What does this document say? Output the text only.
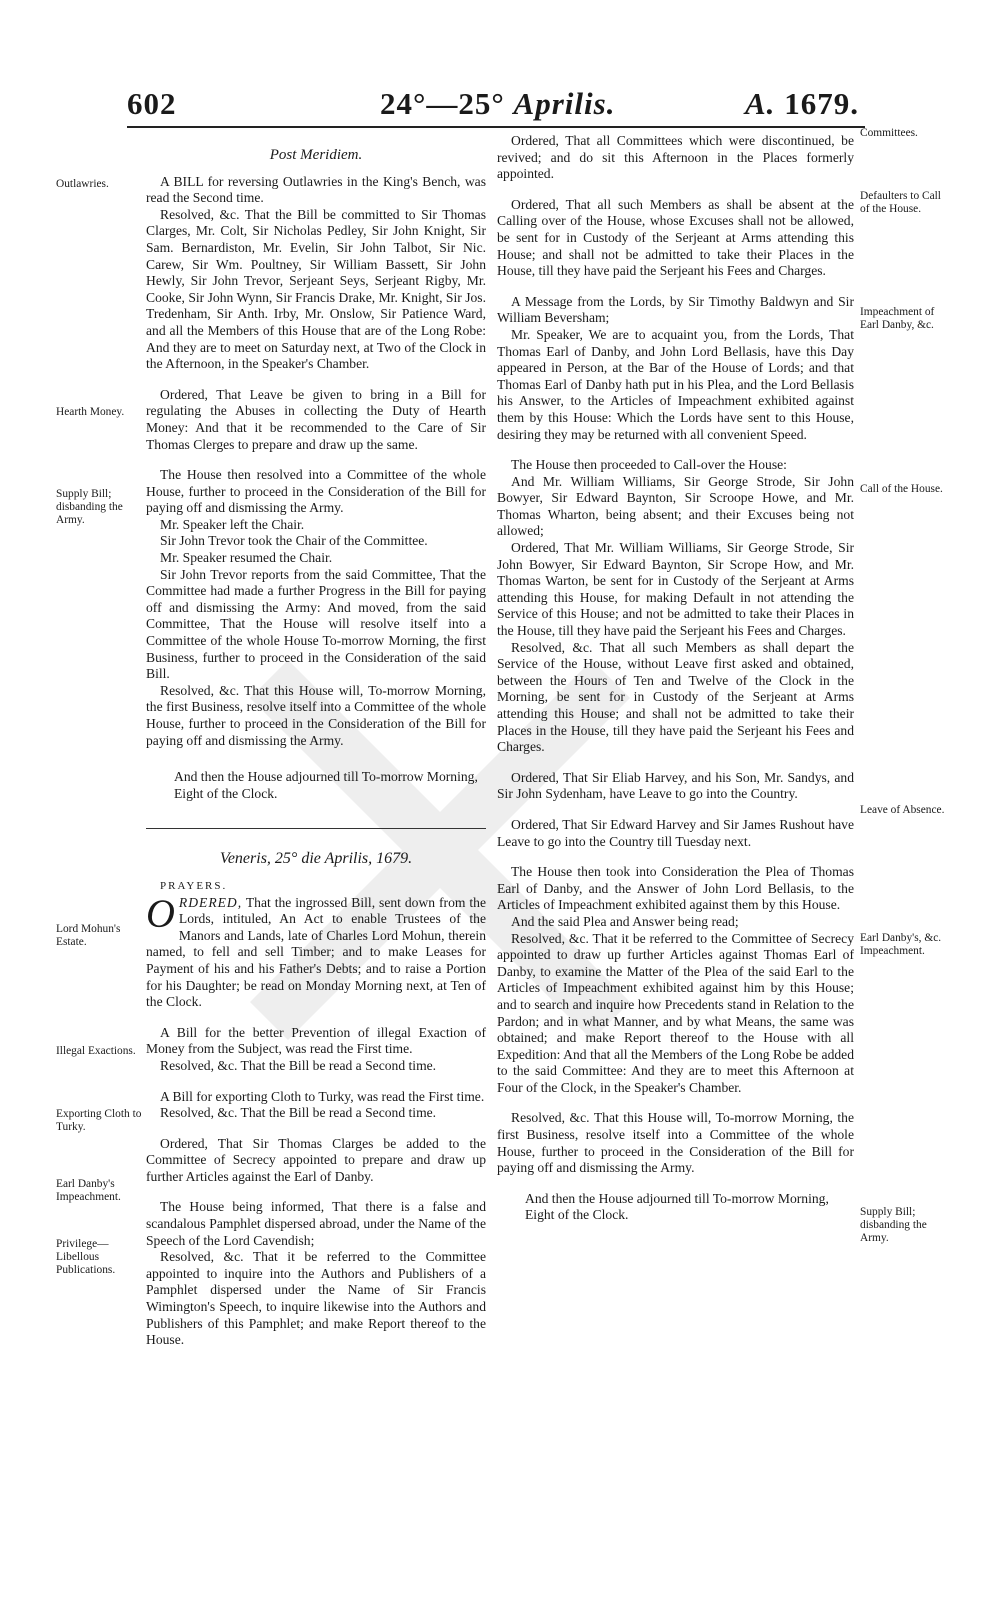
602	24°—25° Aprilis.	A. 1679.
Post Meridiem.

A BILL for reversing Outlawries in the King's Bench, was read the Second time.

Resolved, &c. That the Bill be committed to Sir Thomas Clarges, Mr. Colt, Sir Nicholas Pedley, Sir John Knight, Sir Sam. Bernardiston, Mr. Evelin, Sir John Talbot, Sir Nic. Carew, Sir Wm. Poultney, Sir William Bassett, Sir John Hewly, Sir John Trevor, Serjeant Seys, Serjeant Rigby, Mr. Cooke, Sir John Wynn, Sir Francis Drake, Mr. Knight, Sir Jos. Tredenham, Sir Anth. Irby, Mr. Onslow, Sir Patience Ward, and all the Members of this House that are of the Long Robe: And they are to meet on Saturday next, at Two of the Clock in the Afternoon, in the Speaker's Chamber.

Ordered, That Leave be given to bring in a Bill for regulating the Abuses in collecting the Duty of Hearth Money: And that it be recommended to the Care of Sir Thomas Clerges to prepare and draw up the same.

The House then resolved into a Committee of the whole House, further to proceed in the Consideration of the Bill for paying off and dismissing the Army.

Mr. Speaker left the Chair.

Sir John Trevor took the Chair of the Committee.

Mr. Speaker resumed the Chair.

Sir John Trevor reports from the said Committee, That the Committee had made a further Progress in the Bill for paying off and dismissing the Army: And moved, from the said Committee, That the House will resolve itself into a Committee of the whole House To-morrow Morning, the first Business, further to proceed in the Consideration of the said Bill.

Resolved, &c. That this House will, To-morrow Morning, the first Business, resolve itself into a Committee of the whole House, further to proceed in the Consideration of the Bill for paying off and dismissing the Army.

And then the House adjourned till To-morrow Morning, Eight of the Clock.

Veneris, 25° die Aprilis, 1679.

PRAYERS.

ORDERED, That the ingrossed Bill, sent down from the Lords, intituled, An Act to enable Trustees of the Manors and Lands, late of Charles Lord Mohun, therein named, to fell and sell Timber; and to make Leases for Payment of his and his Father's Debts; and to raise a Portion for his Daughter; be read on Monday Morning next, at Ten of the Clock.

A Bill for the better Prevention of illegal Exaction of Money from the Subject, was read the First time.

Resolved, &c. That the Bill be read a Second time.

A Bill for exporting Cloth to Turky, was read the First time.

Resolved, &c. That the Bill be read a Second time.

Ordered, That Sir Thomas Clarges be added to the Committee of Secrecy appointed to prepare and draw up further Articles against the Earl of Danby.

The House being informed, That there is a false and scandalous Pamphlet dispersed abroad, under the Name of the Speech of the Lord Cavendish;

Resolved, &c. That it be referred to the Committee appointed to inquire into the Authors and Publishers of a Pamphlet dispersed under the Name of Sir Francis Wimington's Speech, to inquire likewise into the Authors and Publishers of this Pamphlet; and make Report thereof to the House.

Ordered, That all Committees which were discontinued, be revived; and do sit this Afternoon in the Places formerly appointed.

Ordered, That all such Members as shall be absent at the Calling over of the House, whose Excuses shall not be allowed, be sent for in Custody of the Serjeant at Arms attending this House; and shall not be admitted to take their Places in the House, till they have paid the Serjeant his Fees and Charges.

A Message from the Lords, by Sir Timothy Baldwyn and Sir William Beversham;

Mr. Speaker, We are to acquaint you, from the Lords, That Thomas Earl of Danby, and John Lord Bellasis, have this Day appeared in Person, at the Bar of the House of Lords; and that Thomas Earl of Danby hath put in his Plea, and the Lord Bellasis his Answer, to the Articles of Impeachment exhibited against them by this House: Which the Lords have sent to this House, desiring they may be returned with all convenient Speed.

The House then proceeded to Call-over the House:

And Mr. William Williams, Sir George Strode, Sir John Bowyer, Sir Edward Baynton, Sir Scroope Howe, and Mr. Thomas Wharton, being absent; and their Excuses being not allowed;

Ordered, That Mr. William Williams, Sir George Strode, Sir John Bowyer, Sir Edward Baynton, Sir Scrope How, and Mr. Thomas Warton, be sent for in Custody of the Serjeant at Arms attending this House, for making Default in not attending the Service of this House; and not be admitted to take their Places in the House, till they have paid the Serjeant his Fees and Charges.

Resolved, &c. That all such Members as shall depart the Service of the House, without Leave first asked and obtained, between the Hours of Ten and Twelve of the Clock in the Morning, be sent for in Custody of the Serjeant at Arms attending this House; and shall not be admitted to take their Places in the House, till they have paid the Serjeant his Fees and Charges.

Ordered, That Sir Eliab Harvey, and his Son, Mr. Sandys, and Sir John Sydenham, have Leave to go into the Country.

Ordered, That Sir Edward Harvey and Sir James Rushout have Leave to go into the Country till Tuesday next.

The House then took into Consideration the Plea of Thomas Earl of Danby, and the Answer of John Lord Bellasis, to the Articles of Impeachment exhibited against them by this House.

And the said Plea and Answer being read;

Resolved, &c. That it be referred to the Committee of Secrecy appointed to draw up further Articles against Thomas Earl of Danby, to examine the Matter of the Plea of the said Earl to the Articles of Impeachment exhibited against him by this House; and to search and inquire how Precedents stand in Relation to the Pardon; and in what Manner, and by what Means, the same was obtained; and make Report thereof to the House with all Expedition: And that all the Members of the Long Robe be added to the said Committee: And they are to meet this Afternoon at Four of the Clock, in the Speaker's Chamber.

Resolved, &c. That this House will, To-morrow Morning, the first Business, resolve itself into a Committee of the whole House, further to proceed in the Consideration of the Bill for paying off and dismissing the Army.

And then the House adjourned till To-morrow Morning, Eight of the Clock.

Outlawries.
Hearth Money.
Supply Bill; disbanding the Army.
Lord Mohun's Estate.
Illegal Exactions.
Exporting Cloth to Turky.
Earl Danby's Impeachment.
Privilege—Libellous Publications.
Committees.
Defaulters to Call of the House.
Impeachment of Earl Danby, &c.
Call of the House.
Leave of Absence.
Earl Danby's, &c. Impeachment.
Supply Bill; disbanding the Army.
